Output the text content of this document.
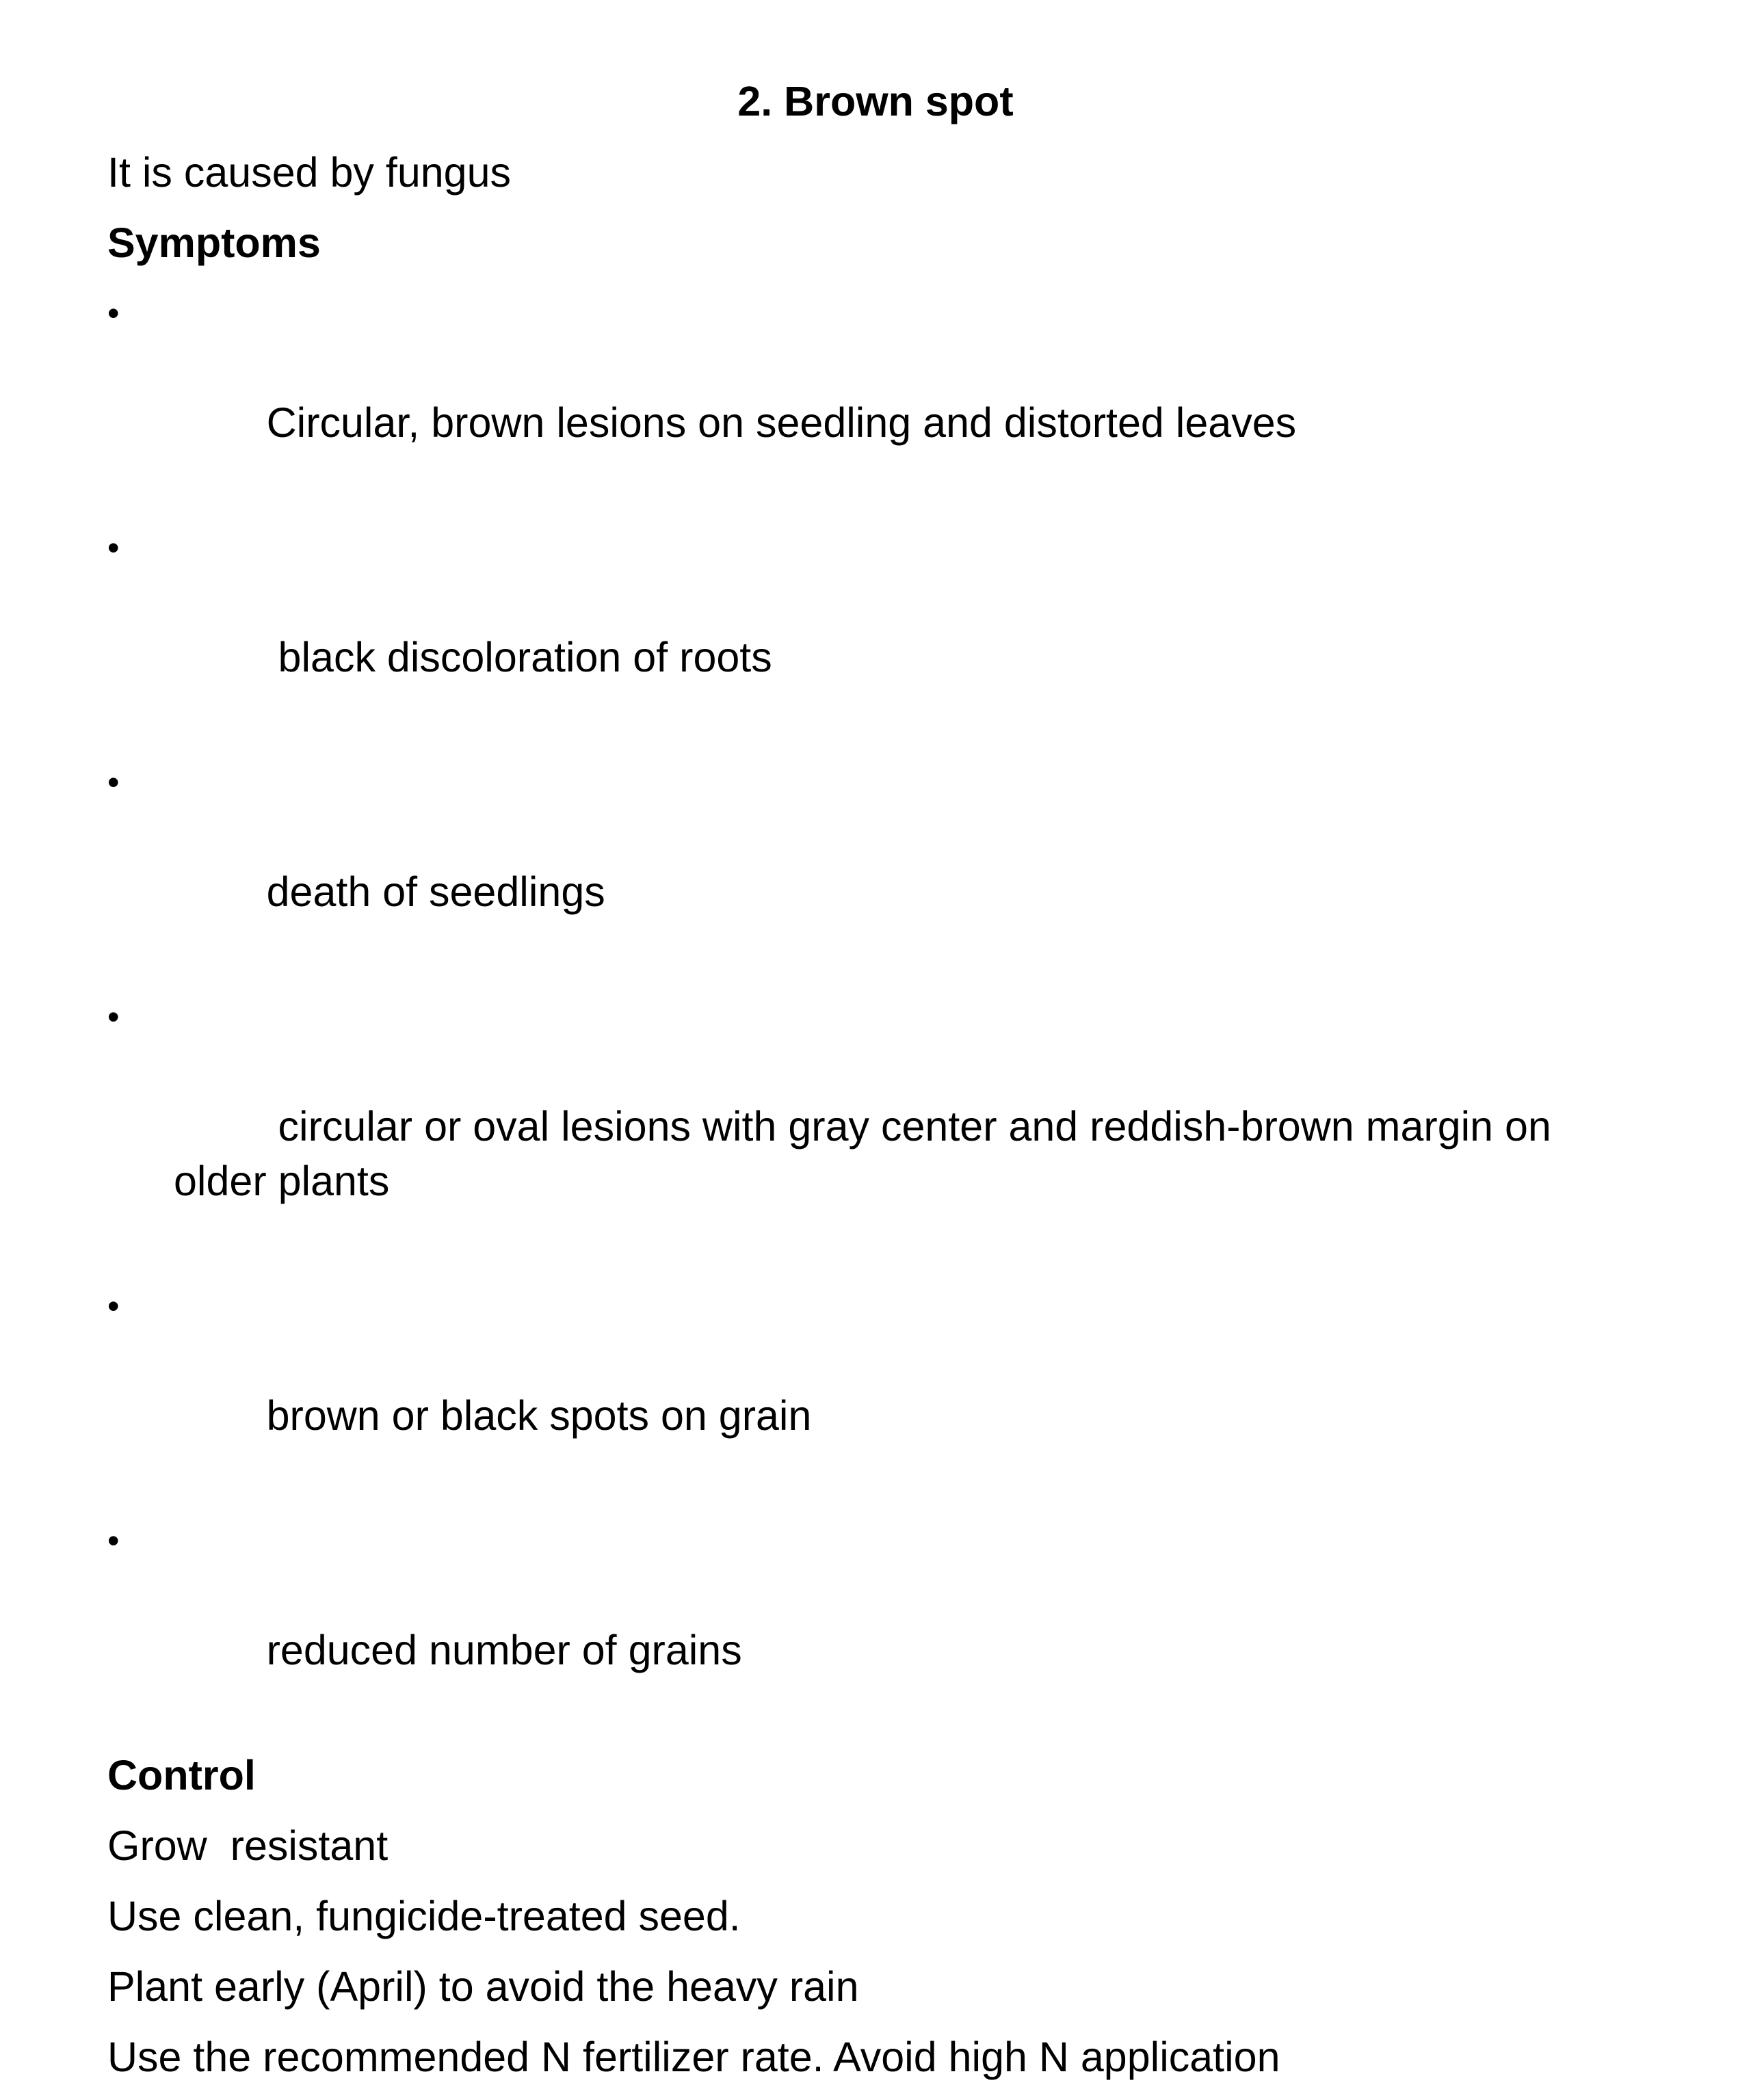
2. Brown spot

It is caused by fungus

Symptoms

•

Circular, brown lesions on seedling and distorted leaves

•

black discoloration of roots

•

death of seedlings

•

circular or oval lesions with gray center and reddish-brown margin on older plants

•

brown or black spots on grain

•

reduced number of grains

Control

Grow  resistant

Use clean, fungicide-treated seed.

Plant early (April) to avoid the heavy rain

Use the recommended N fertilizer rate. Avoid high N application
